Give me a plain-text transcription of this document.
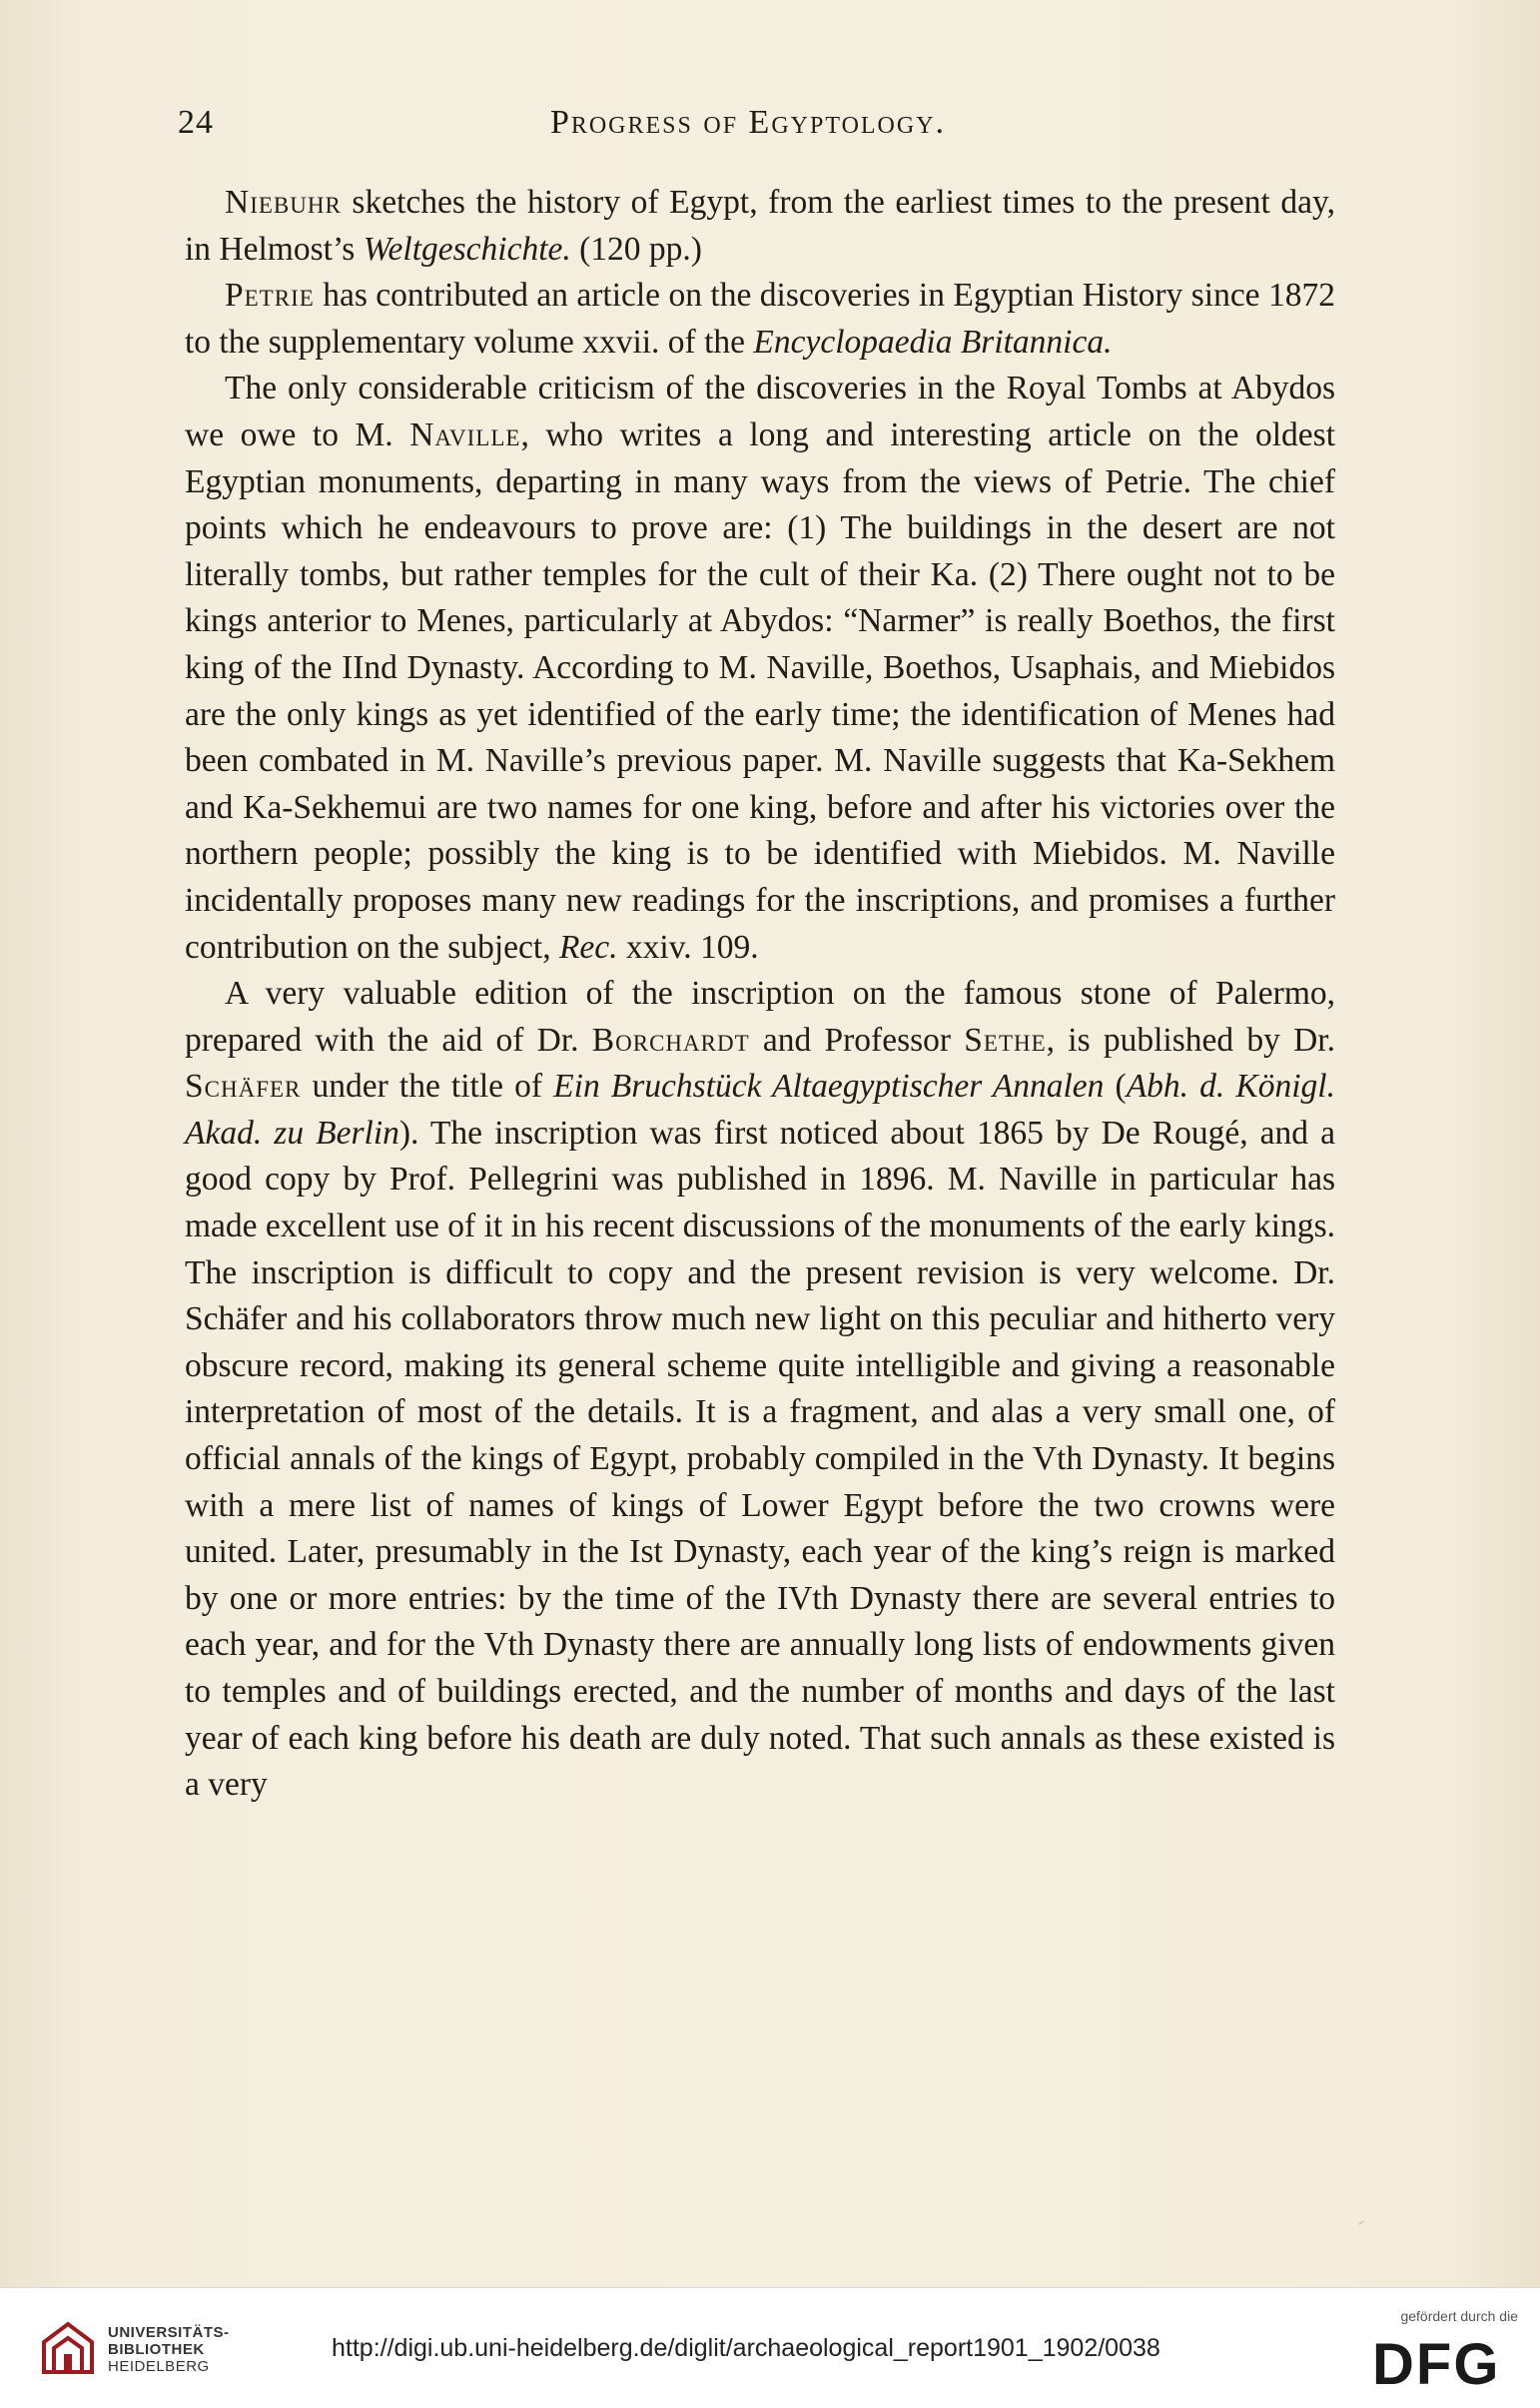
24	Progress of Egyptology.

Niebuhr sketches the history of Egypt, from the earliest times to the present day, in Helmost’s Weltgeschichte. (120 pp.)

Petrie has contributed an article on the discoveries in Egyptian History since 1872 to the supplementary volume xxvii. of the Encyclopaedia Britannica.

The only considerable criticism of the discoveries in the Royal Tombs at Abydos we owe to M. Naville, who writes a long and interesting article on the oldest Egyptian monuments, departing in many ways from the views of Petrie. The chief points which he endeavours to prove are: (1) The buildings in the desert are not literally tombs, but rather temples for the cult of their Ka. (2) There ought not to be kings anterior to Menes, particularly at Abydos: “Narmer” is really Boethos, the first king of the IInd Dynasty. According to M. Naville, Boethos, Usaphais, and Miebidos are the only kings as yet identified of the early time; the identification of Menes had been combated in M. Naville’s previous paper. M. Naville suggests that Ka-Sekhem and Ka-Sekhemui are two names for one king, before and after his victories over the northern people; possibly the king is to be identified with Miebidos. M. Naville incidentally proposes many new readings for the inscriptions, and promises a further contribution on the subject, Rec. xxiv. 109.

A very valuable edition of the inscription on the famous stone of Palermo, prepared with the aid of Dr. Borchardt and Professor Sethe, is published by Dr. Schäfer under the title of Ein Bruchstück Altaegyptischer Annalen (Abh. d. Königl. Akad. zu Berlin). The inscription was first noticed about 1865 by De Rougé, and a good copy by Prof. Pellegrini was published in 1896. M. Naville in particular has made excellent use of it in his recent discussions of the monuments of the early kings. The inscription is difficult to copy and the present revision is very welcome. Dr. Schäfer and his collaborators throw much new light on this peculiar and hitherto very obscure record, making its general scheme quite intelligible and giving a reasonable interpretation of most of the details. It is a fragment, and alas a very small one, of official annals of the kings of Egypt, probably compiled in the Vth Dynasty. It begins with a mere list of names of kings of Lower Egypt before the two crowns were united. Later, presumably in the Ist Dynasty, each year of the king’s reign is marked by one or more entries: by the time of the IVth Dynasty there are several entries to each year, and for the Vth Dynasty there are annually long lists of endowments given to temples and of buildings erected, and the number of months and days of the last year of each king before his death are duly noted. That such annals as these existed is a very

UNIVERSITÄTS-
BIBLIOTHEK
HEIDELBERG
http://digi.ub.uni-heidelberg.de/diglit/archaeological_report1901_1902/0038
gefördert durch die
DFG
